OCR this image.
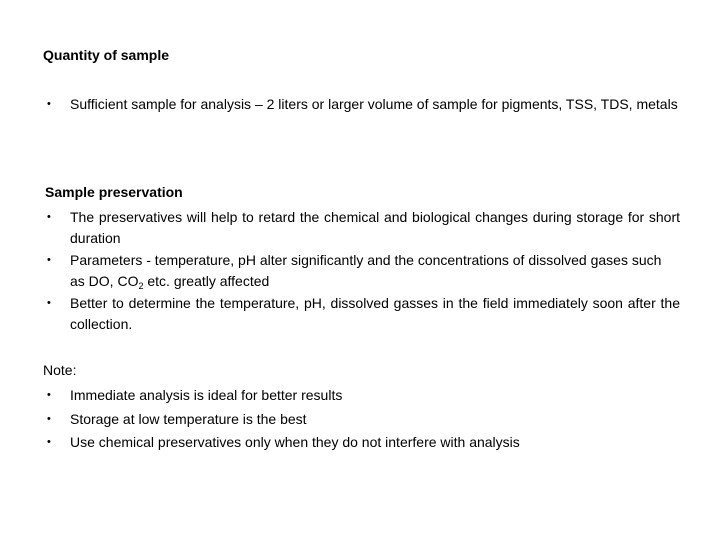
Quantity of sample
• Sufficient sample for analysis – 2 liters or larger volume of sample for pigments, TSS, TDS, metals
Sample preservation
• The preservatives will help to retard the chemical and biological changes during storage for short duration
• Parameters - temperature, pH alter significantly and the concentrations of dissolved gases such as DO, $CO_2$ etc. greatly affected
• Better to determine the temperature, pH, dissolved gasses in the field immediately soon after the collection.
Note:
• Immediate analysis is ideal for better results
• Storage at low temperature is the best
• Use chemical preservatives only when they do not interfere with analysis
